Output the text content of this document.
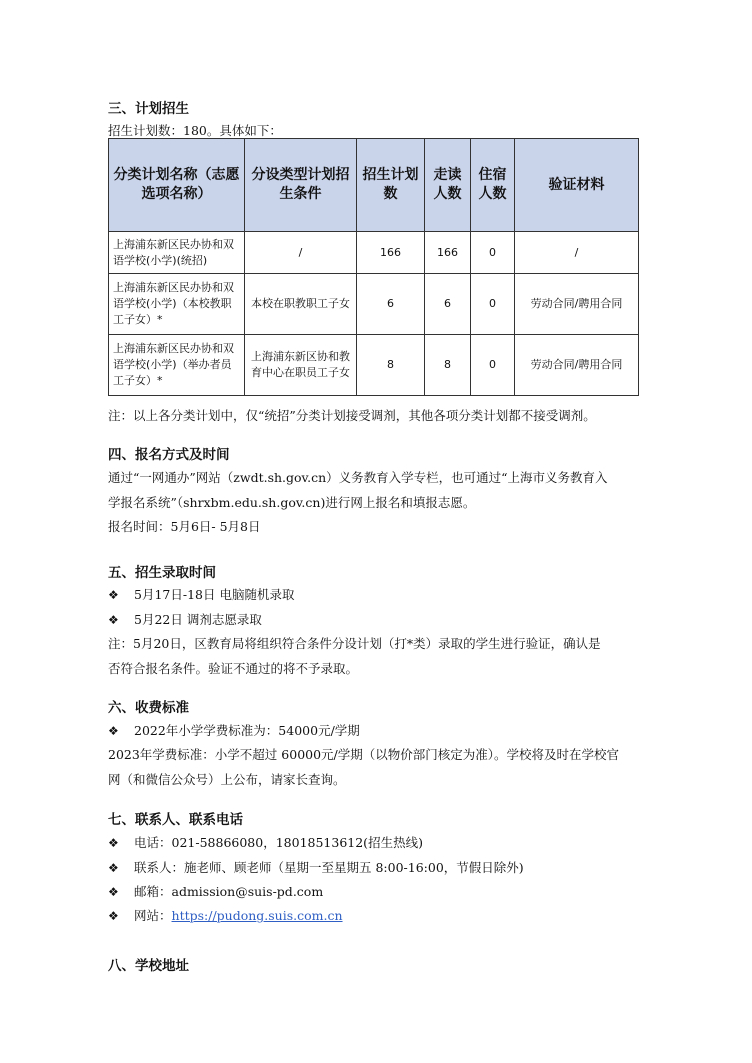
三、计划招生
招生计划数：180。具体如下：
分类计划名称（志愿选项名称）	分设类型计划招生条件	招生计划数	走读人数	住宿人数	验证材料
上海浦东新区民办协和双语学校(小学)(统招)	/	166	166	0	/
上海浦东新区民办协和双语学校(小学)（本校教职工子女）*	本校在职教职工子女	6	6	0	劳动合同/聘用合同
上海浦东新区民办协和双语学校(小学)（举办者员工子女）*	上海浦东新区协和教育中心在职员工子女	8	8	0	劳动合同/聘用合同
注：以上各分类计划中，仅“统招”分类计划接受调剂，其他各项分类计划都不接受调剂。
四、报名方式及时间
通过“一网通办”网站（zwdt.sh.gov.cn）义务教育入学专栏，也可通过“上海市义务教育入
学报名系统”（shrxbm.edu.sh.gov.cn)进行网上报名和填报志愿。
报名时间：5月6日- 5月8日
五、招生录取时间
❖ 5月17日-18日 电脑随机录取
❖ 5月22日 调剂志愿录取
注：5月20日，区教育局将组织符合条件分设计划（打*类）录取的学生进行验证，确认是
否符合报名条件。验证不通过的将不予录取。
六、收费标准
❖ 2022年小学学费标准为：54000元/学期
2023年学费标准：小学不超过 60000元/学期（以物价部门核定为准）。学校将及时在学校官
网（和微信公众号）上公布，请家长查询。
七、联系人、联系电话
❖ 电话：021-58866080，18018513612(招生热线)
❖ 联系人：施老师、顾老师（星期一至星期五 8:00-16:00，节假日除外)
❖ 邮箱：admission@suis-pd.com
❖ 网站：https://pudong.suis.com.cn
八、学校地址
